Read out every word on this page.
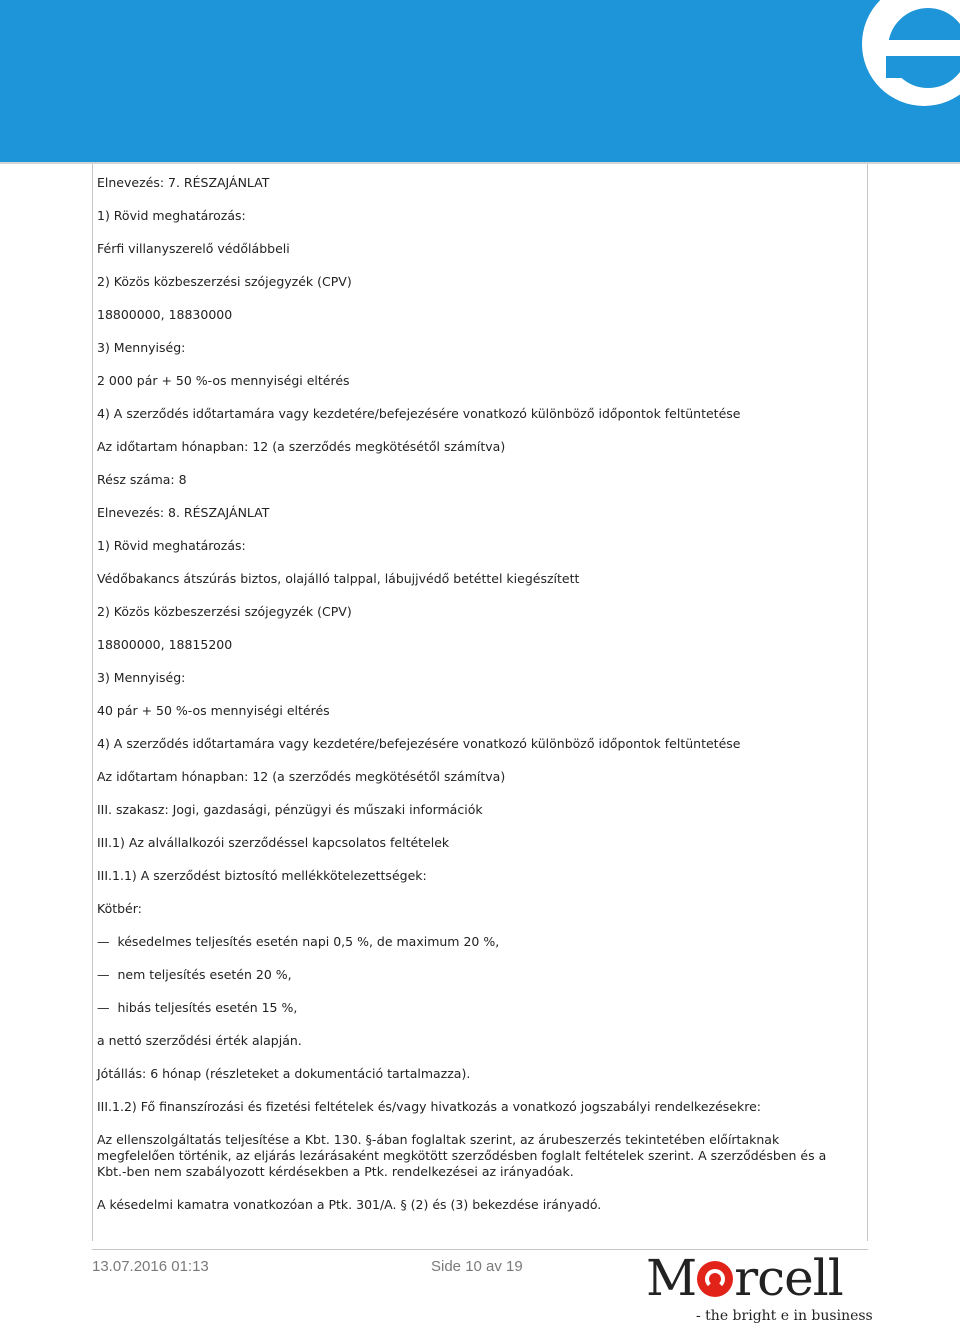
Elnevezés: 7. RÉSZAJÁNLAT

1) Rövid meghatározás:

Férfi villanyszerelő védőlábbeli

2) Közös közbeszerzési szójegyzék (CPV)

18800000, 18830000

3) Mennyiség:

2 000 pár + 50 %-os mennyiségi eltérés

4) A szerződés időtartamára vagy kezdetére/befejezésére vonatkozó különböző időpontok feltüntetése

Az időtartam hónapban: 12 (a szerződés megkötésétől számítva)

Rész száma: 8

Elnevezés: 8. RÉSZAJÁNLAT

1) Rövid meghatározás:

Védőbakancs átszúrás biztos, olajálló talppal, lábujjvédő betéttel kiegészített

2) Közös közbeszerzési szójegyzék (CPV)

18800000, 18815200

3) Mennyiség:

40 pár + 50 %-os mennyiségi eltérés

4) A szerződés időtartamára vagy kezdetére/befejezésére vonatkozó különböző időpontok feltüntetése

Az időtartam hónapban: 12 (a szerződés megkötésétől számítva)

III. szakasz: Jogi, gazdasági, pénzügyi és műszaki információk

III.1) Az alvállalkozói szerződéssel kapcsolatos feltételek

III.1.1) A szerződést biztosító mellékkötelezettségek:

Kötbér:

—  késedelmes teljesítés esetén napi 0,5 %, de maximum 20 %,

—  nem teljesítés esetén 20 %,

—  hibás teljesítés esetén 15 %,

a nettó szerződési érték alapján.

Jótállás: 6 hónap (részleteket a dokumentáció tartalmazza).

III.1.2) Fő finanszírozási és fizetési feltételek és/vagy hivatkozás a vonatkozó jogszabályi rendelkezésekre:

Az ellenszolgáltatás teljesítése a Kbt. 130. §-ában foglaltak szerint, az árubeszerzés tekintetében előírtaknak megfelelően történik, az eljárás lezárásaként megkötött szerződésben foglalt feltételek szerint. A szerződésben és a Kbt.-ben nem szabályozott kérdésekben a Ptk. rendelkezései az irányadóak.

A késedelmi kamatra vonatkozóan a Ptk. 301/A. § (2) és (3) bekezdése irányadó.

13.07.2016 01:13	Side 10 av 19 M rcell
- the bright e in business
